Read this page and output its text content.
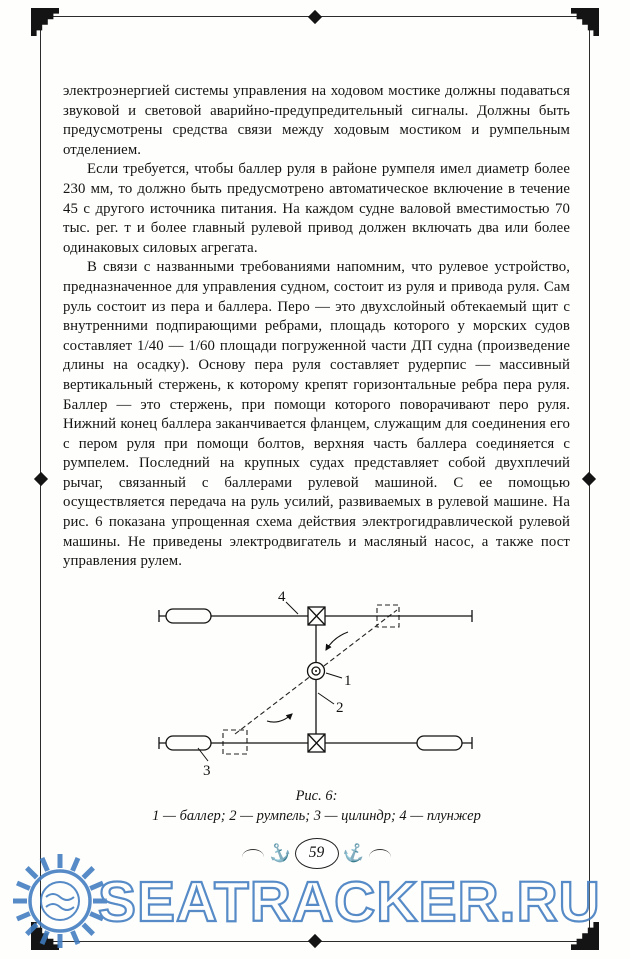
электроэнергией системы управления на ходовом мостике должны подаваться звуковой и световой аварийно-предупредительный сигналы. Должны быть предусмотрены средства связи между ходовым мостиком и румпельным отделением.

Если требуется, чтобы баллер руля в районе румпеля имел диаметр более 230 мм, то должно быть предусмотрено автоматическое включение в течение 45 с другого источника питания. На каждом судне валовой вместимостью 70 тыс. рег. т и более главный рулевой привод должен включать два или более одинаковых силовых агрегата.

В связи с названными требованиями напомним, что рулевое устройство, предназначенное для управления судном, состоит из руля и привода руля. Сам руль состоит из пера и баллера. Перо — это двухслойный обтекаемый щит с внутренними подпирающими ребрами, площадь которого у морских судов составляет 1/40 — 1/60 площади погруженной части ДП судна (произведение длины на осадку). Основу пера руля составляет рудерпис — массивный вертикальный стержень, к которому крепят горизонтальные ребра пера руля. Баллер — это стержень, при помощи которого поворачивают перо руля. Нижний конец баллера заканчивается фланцем, служащим для соединения его с пером руля при помощи болтов, верхняя часть баллера соединяется с румпелем. Последний на крупных судах представляет собой двухплечий рычаг, связанный с баллерами рулевой машиной. С ее помощью осуществляется передача на руль усилий, развиваемых в рулевой машине. На рис. 6 показана упрощенная схема действия электрогидравлической рулевой машины. Не приведены электродвигатель и масляный насос, а также пост управления рулем.

4
1
2
3
Рис. 6:
1 — баллер; 2 — румпель; 3 — цилиндр; 4 — плунжер
⚓ 59 ⚓
SEATRACKER.RU
